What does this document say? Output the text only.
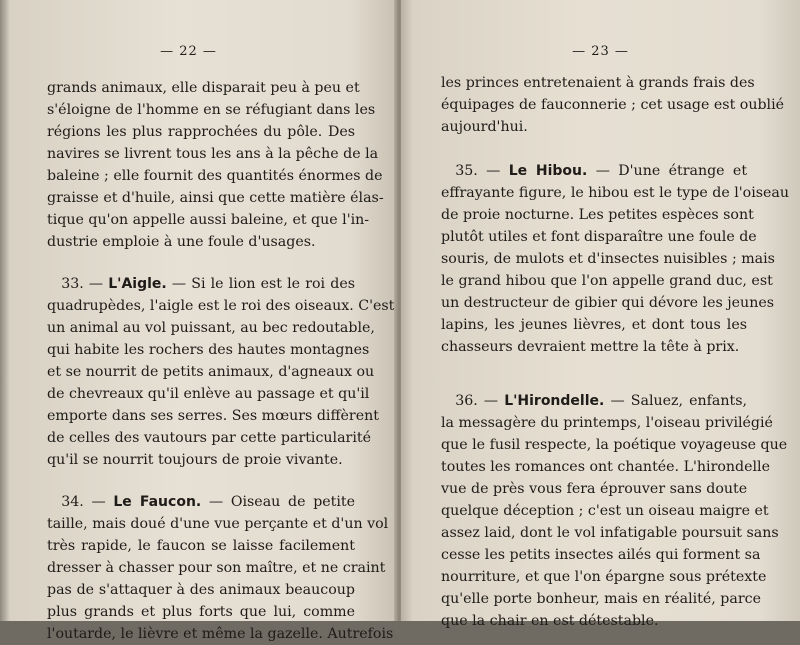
— 22 —
grands animaux, elle disparait peu à peu et
s'éloigne de l'homme en se réfugiant dans les
régions les plus rapprochées du pôle. Des
navires se livrent tous les ans à la pêche de la
baleine ; elle fournit des quantités énormes de
graisse et d'huile, ainsi que cette matière élas-
tique qu'on appelle aussi baleine, et que l'in-
dustrie emploie à une foule d'usages.
 33. — L'Aigle. — Si le lion est le roi des
quadrupèdes, l'aigle est le roi des oiseaux. C'est
un animal au vol puissant, au bec redoutable,
qui habite les rochers des hautes montagnes
et se nourrit de petits animaux, d'agneaux ou
de chevreaux qu'il enlève au passage et qu'il
emporte dans ses serres. Ses mœurs diffèrent
de celles des vautours par cette particularité
qu'il se nourrit toujours de proie vivante.
 34. — Le Faucon. — Oiseau de petite
taille, mais doué d'une vue perçante et d'un vol
très rapide, le faucon se laisse facilement
dresser à chasser pour son maître, et ne craint
pas de s'attaquer à des animaux beaucoup
plus grands et plus forts que lui, comme
l'outarde, le lièvre et même la gazelle. Autrefois
— 23 —
les princes entretenaient à grands frais des
équipages de fauconnerie ; cet usage est oublié
aujourd'hui.
 35. — Le Hibou. — D'une étrange et
effrayante figure, le hibou est le type de l'oiseau
de proie nocturne. Les petites espèces sont
plutôt utiles et font disparaître une foule de
souris, de mulots et d'insectes nuisibles ; mais
le grand hibou que l'on appelle grand duc, est
un destructeur de gibier qui dévore les jeunes
lapins, les jeunes lièvres, et dont tous les
chasseurs devraient mettre la tête à prix.
 36. — L'Hirondelle. — Saluez, enfants,
la messagère du printemps, l'oiseau privilégié
que le fusil respecte, la poétique voyageuse que
toutes les romances ont chantée. L'hirondelle
vue de près vous fera éprouver sans doute
quelque déception ; c'est un oiseau maigre et
assez laid, dont le vol infatigable poursuit sans
cesse les petits insectes ailés qui forment sa
nourriture, et que l'on épargne sous prétexte
qu'elle porte bonheur, mais en réalité, parce
que la chair en est détestable.
